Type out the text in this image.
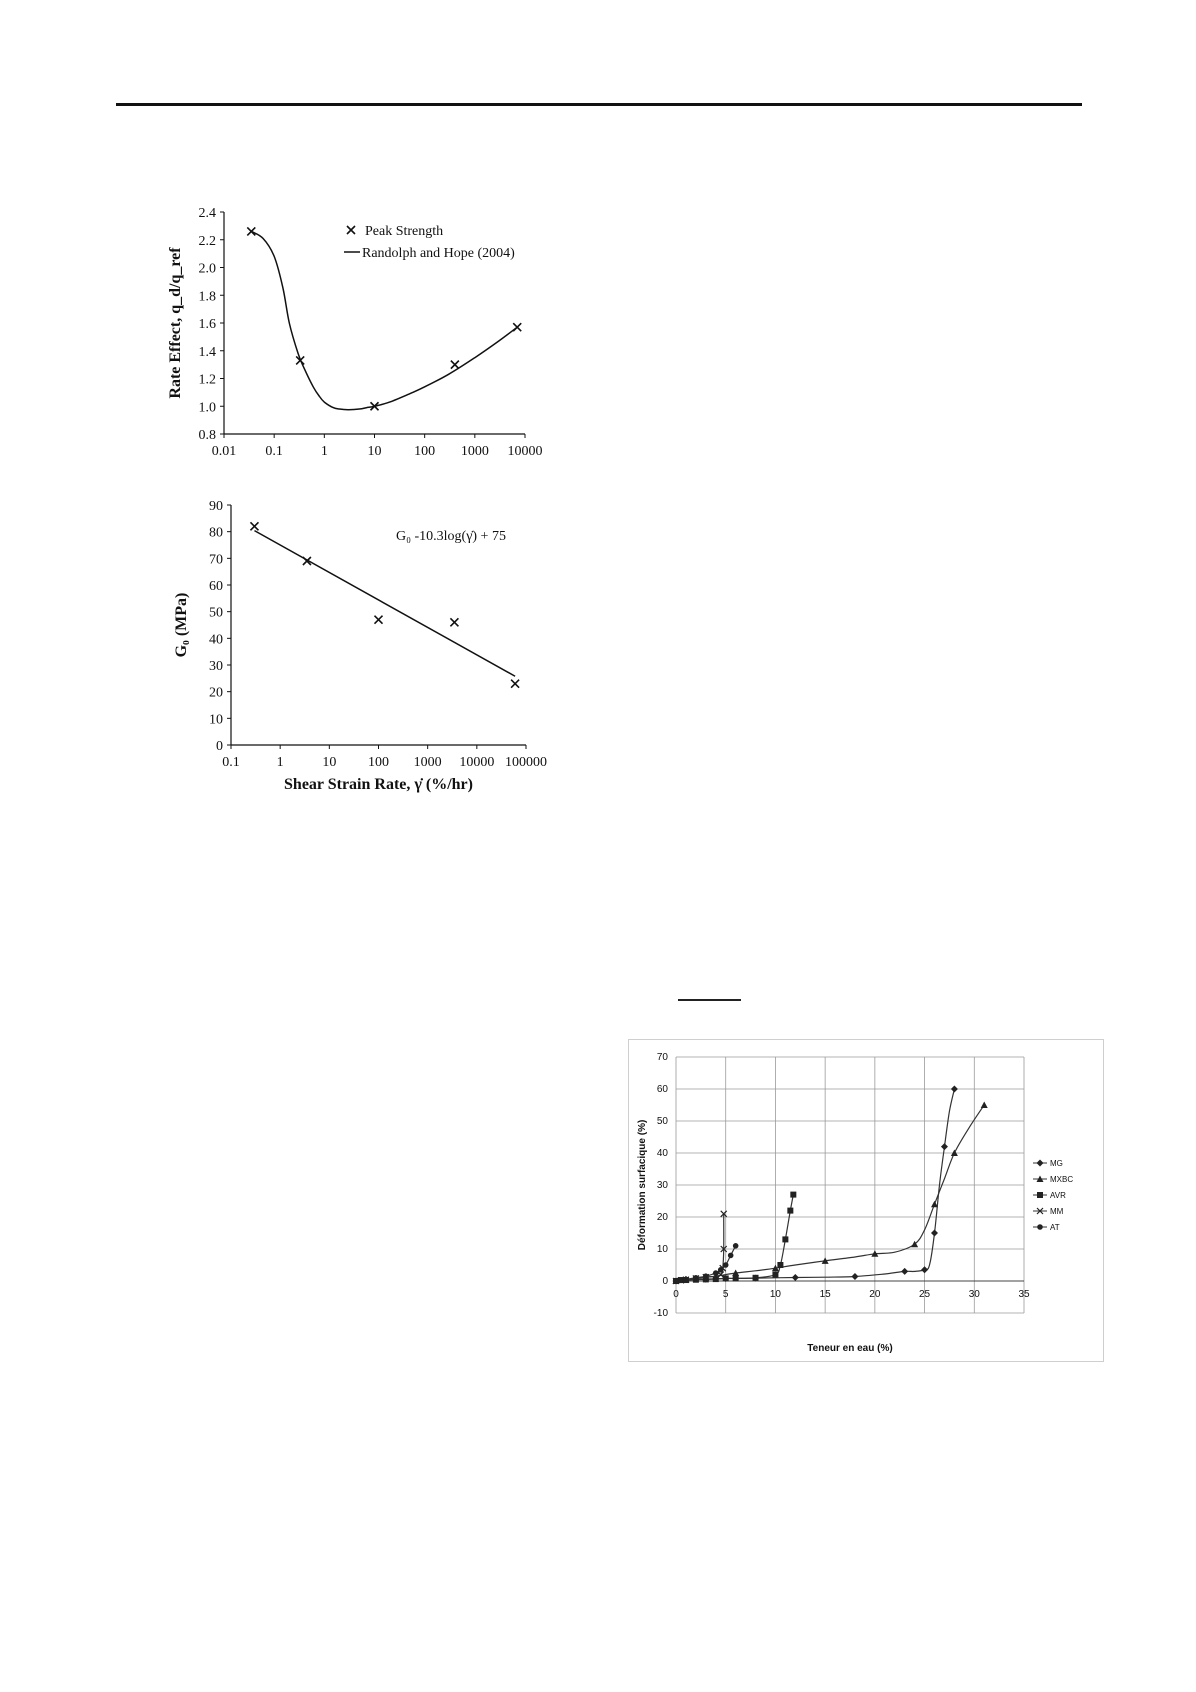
0.8
1.0
1.2
1.4
1.6
1.8
2.0
2.2
2.4
0.01 0.1	1	10 100 1000 10000
Rate Effect, q_d/q_ref
Peak Strength
Randolph and Hope (2004)
0
10
20
30
40
50
60
70
80
90
0.1	1	10 100 1000 10000 100000
G₀ (MPa)
Shear Strain Rate, γ̇ (%/hr)
G₀ -10.3log(γ̇) + 75
0	5	10	15	20	25	30	35
-10
0
10
20
30
40
50
60
70
Teneur en eau (%)
Déformation surfacique (%)	MG
MXBC
AVR
MM
AT
